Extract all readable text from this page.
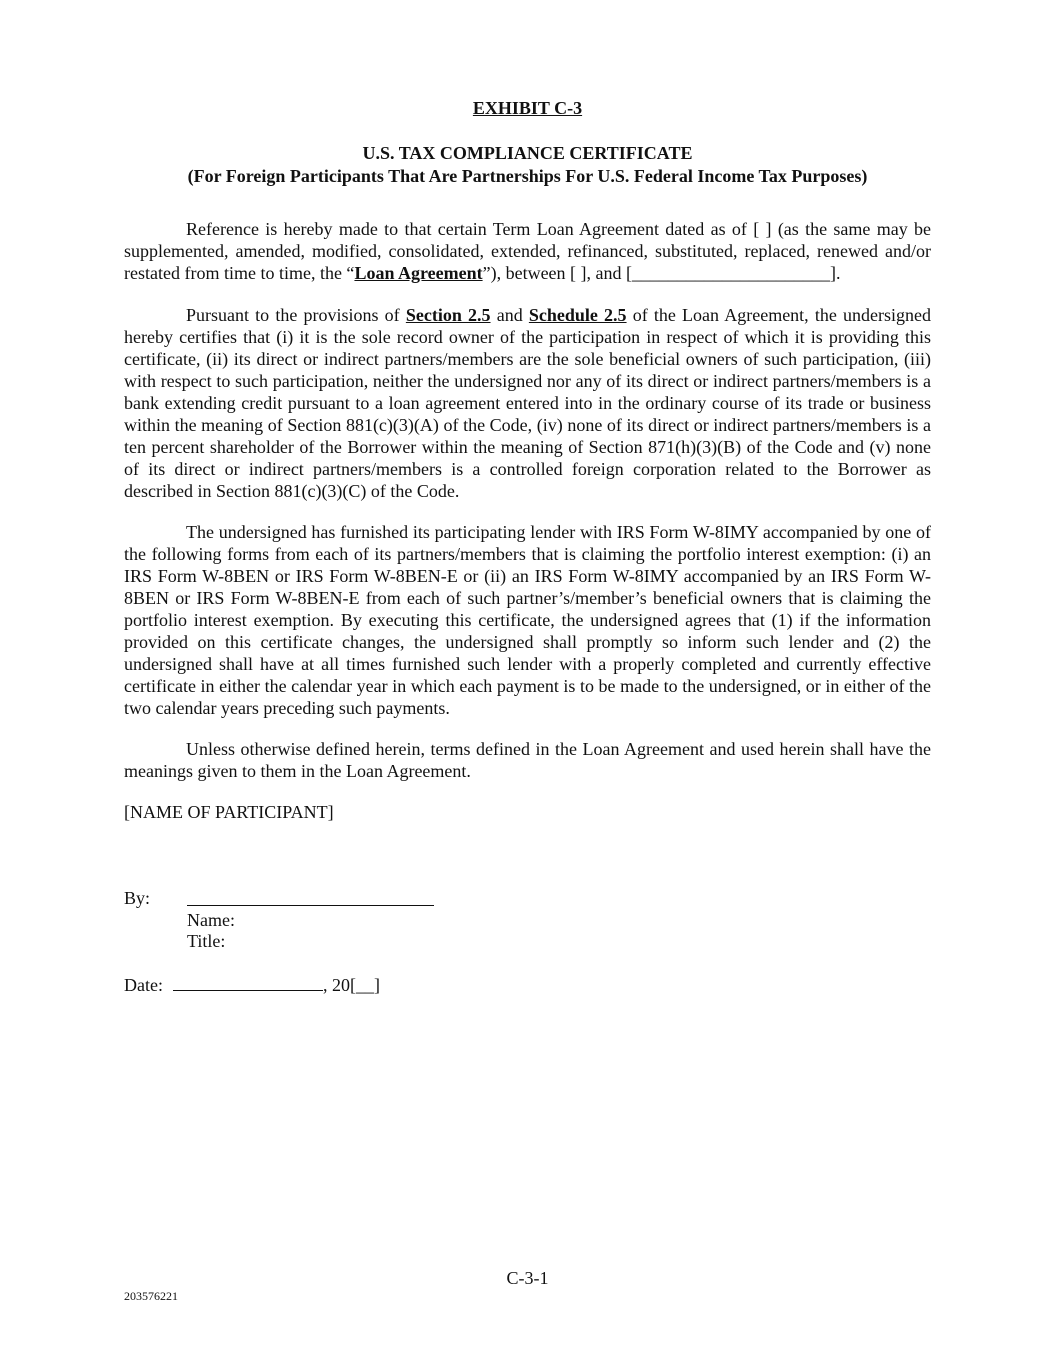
EXHIBIT C-3
U.S. TAX COMPLIANCE CERTIFICATE
(For Foreign Participants That Are Partnerships For U.S. Federal Income Tax Purposes)

Reference is hereby made to that certain Term Loan Agreement dated as of [ ] (as the same may be supplemented, amended, modified, consolidated, extended, refinanced, substituted, replaced, renewed and/or restated from time to time, the “Loan Agreement”), between [ ], and [______________________].

Pursuant to the provisions of Section 2.5 and Schedule 2.5 of the Loan Agreement, the undersigned hereby certifies that (i) it is the sole record owner of the participation in respect of which it is providing this certificate, (ii) its direct or indirect partners/members are the sole beneficial owners of such participation, (iii) with respect to such participation, neither the undersigned nor any of its direct or indirect partners/members is a bank extending credit pursuant to a loan agreement entered into in the ordinary course of its trade or business within the meaning of Section 881(c)(3)(A) of the Code, (iv) none of its direct or indirect partners/members is a ten percent shareholder of the Borrower within the meaning of Section 871(h)(3)(B) of the Code and (v) none of its direct or indirect partners/members is a controlled foreign corporation related to the Borrower as described in Section 881(c)(3)(C) of the Code.

The undersigned has furnished its participating lender with IRS Form W-8IMY accompanied by one of the following forms from each of its partners/members that is claiming the portfolio interest exemption: (i) an IRS Form W-8BEN or IRS Form W-8BEN-E or (ii) an IRS Form W-8IMY accompanied by an IRS Form W-8BEN or IRS Form W-8BEN-E from each of such partner’s/member’s beneficial owners that is claiming the portfolio interest exemption. By executing this certificate, the undersigned agrees that (1) if the information provided on this certificate changes, the undersigned shall promptly so inform such lender and (2) the undersigned shall have at all times furnished such lender with a properly completed and currently effective certificate in either the calendar year in which each payment is to be made to the undersigned, or in either of the two calendar years preceding such payments.

Unless otherwise defined herein, terms defined in the Loan Agreement and used herein shall have the meanings given to them in the Loan Agreement.

[NAME OF PARTICIPANT]
By:
Name:
Title:
Date:	, 20[__]
C-3-1
203576221
